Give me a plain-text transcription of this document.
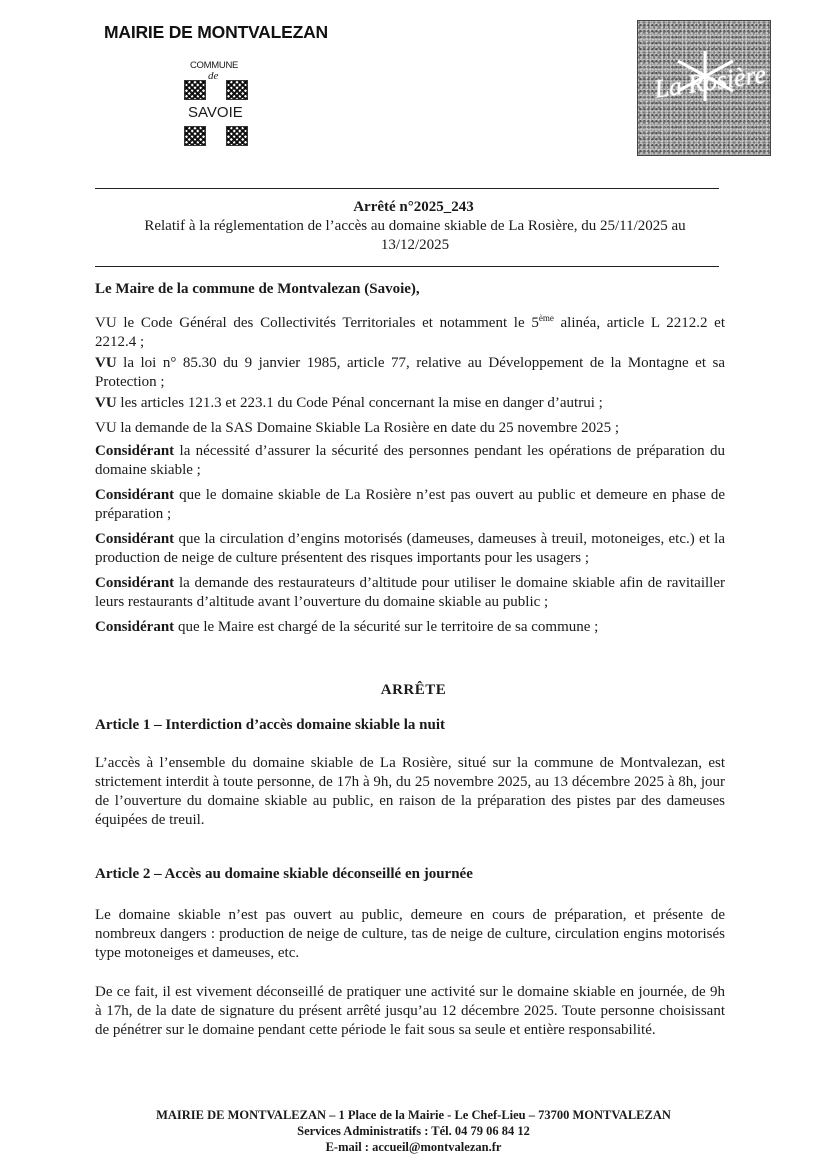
MAIRIE DE MONTVALEZAN
COMMUNE
de
SAVOIE
La Rosière
Arrêté n°2025_243
Relatif à la réglementation de l’accès au domaine skiable de La Rosière, du 25/11/2025 au 13/12/2025
Le Maire de la commune de Montvalezan (Savoie),

VU le Code Général des Collectivités Territoriales et notamment le 5ème alinéa, article L 2212.2 et 2212.4 ;

VU la loi n° 85.30 du 9 janvier 1985, article 77, relative au Développement de la Montagne et sa Protection ;

VU les articles 121.3 et 223.1 du Code Pénal concernant la mise en danger d’autrui ;

VU la demande de la SAS Domaine Skiable La Rosière en date du 25 novembre 2025 ;

Considérant la nécessité d’assurer la sécurité des personnes pendant les opérations de préparation du domaine skiable ;

Considérant que le domaine skiable de La Rosière n’est pas ouvert au public et demeure en phase de préparation ;

Considérant que la circulation d’engins motorisés (dameuses, dameuses à treuil, motoneiges, etc.) et la production de neige de culture présentent des risques importants pour les usagers ;

Considérant la demande des restaurateurs d’altitude pour utiliser le domaine skiable afin de ravitailler leurs restaurants d’altitude avant l’ouverture du domaine skiable au public ;

Considérant que le Maire est chargé de la sécurité sur le territoire de sa commune ;

ARRÊTE
Article 1 – Interdiction d’accès domaine skiable la nuit
L’accès à l’ensemble du domaine skiable de La Rosière, situé sur la commune de Montvalezan, est strictement interdit à toute personne, de 17h à 9h, du 25 novembre 2025, au 13 décembre 2025 à 8h, jour de l’ouverture du domaine skiable au public, en raison de la préparation des pistes par des dameuses équipées de treuil.
Article 2 – Accès au domaine skiable déconseillé en journée
Le domaine skiable n’est pas ouvert au public, demeure en cours de préparation, et présente de nombreux dangers : production de neige de culture, tas de neige de culture, circulation engins motorisés type motoneiges et dameuses, etc.
De ce fait, il est vivement déconseillé de pratiquer une activité sur le domaine skiable en journée, de 9h à 17h, de la date de signature du présent arrêté jusqu’au 12 décembre 2025. Toute personne choisissant de pénétrer sur le domaine pendant cette période le fait sous sa seule et entière responsabilité.
MAIRIE DE MONTVALEZAN – 1 Place de la Mairie - Le Chef-Lieu – 73700 MONTVALEZAN
Services Administratifs : Tél. 04 79 06 84 12
E-mail : accueil@montvalezan.fr
